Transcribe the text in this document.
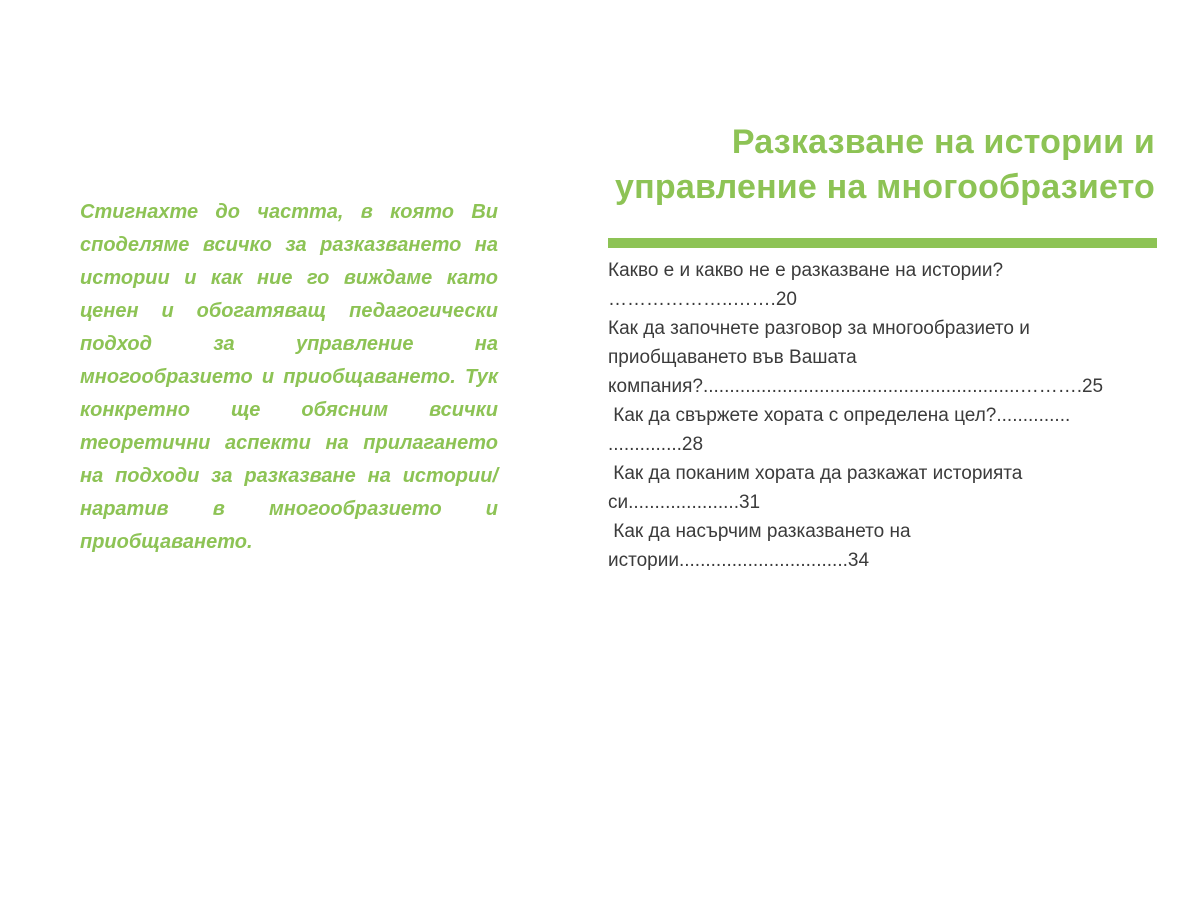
Стигнахте до частта, в която Ви споделяме всичко за разказването на истории и как ние го виждаме като ценен и обогатяващ педагогически подход за управление на многообразието и приобщаването. Тук конкретно ще обясним всички теоретични аспекти на прилагането на подходи за разказване на истории/наратив в многообразието и приобщаването.

Разказване на истории и
управление на многообразието
Какво е и какво не е разказване на истории? ………………..…….20
Как да започнете разговор за многообразието и приобщаването във Вашата компания?............................................................……….25
Как да свържете хората с определена цел?.............. ..............28
Как да поканим хората да разкажат историята си.....................31
Как да насърчим разказването на истории................................34
